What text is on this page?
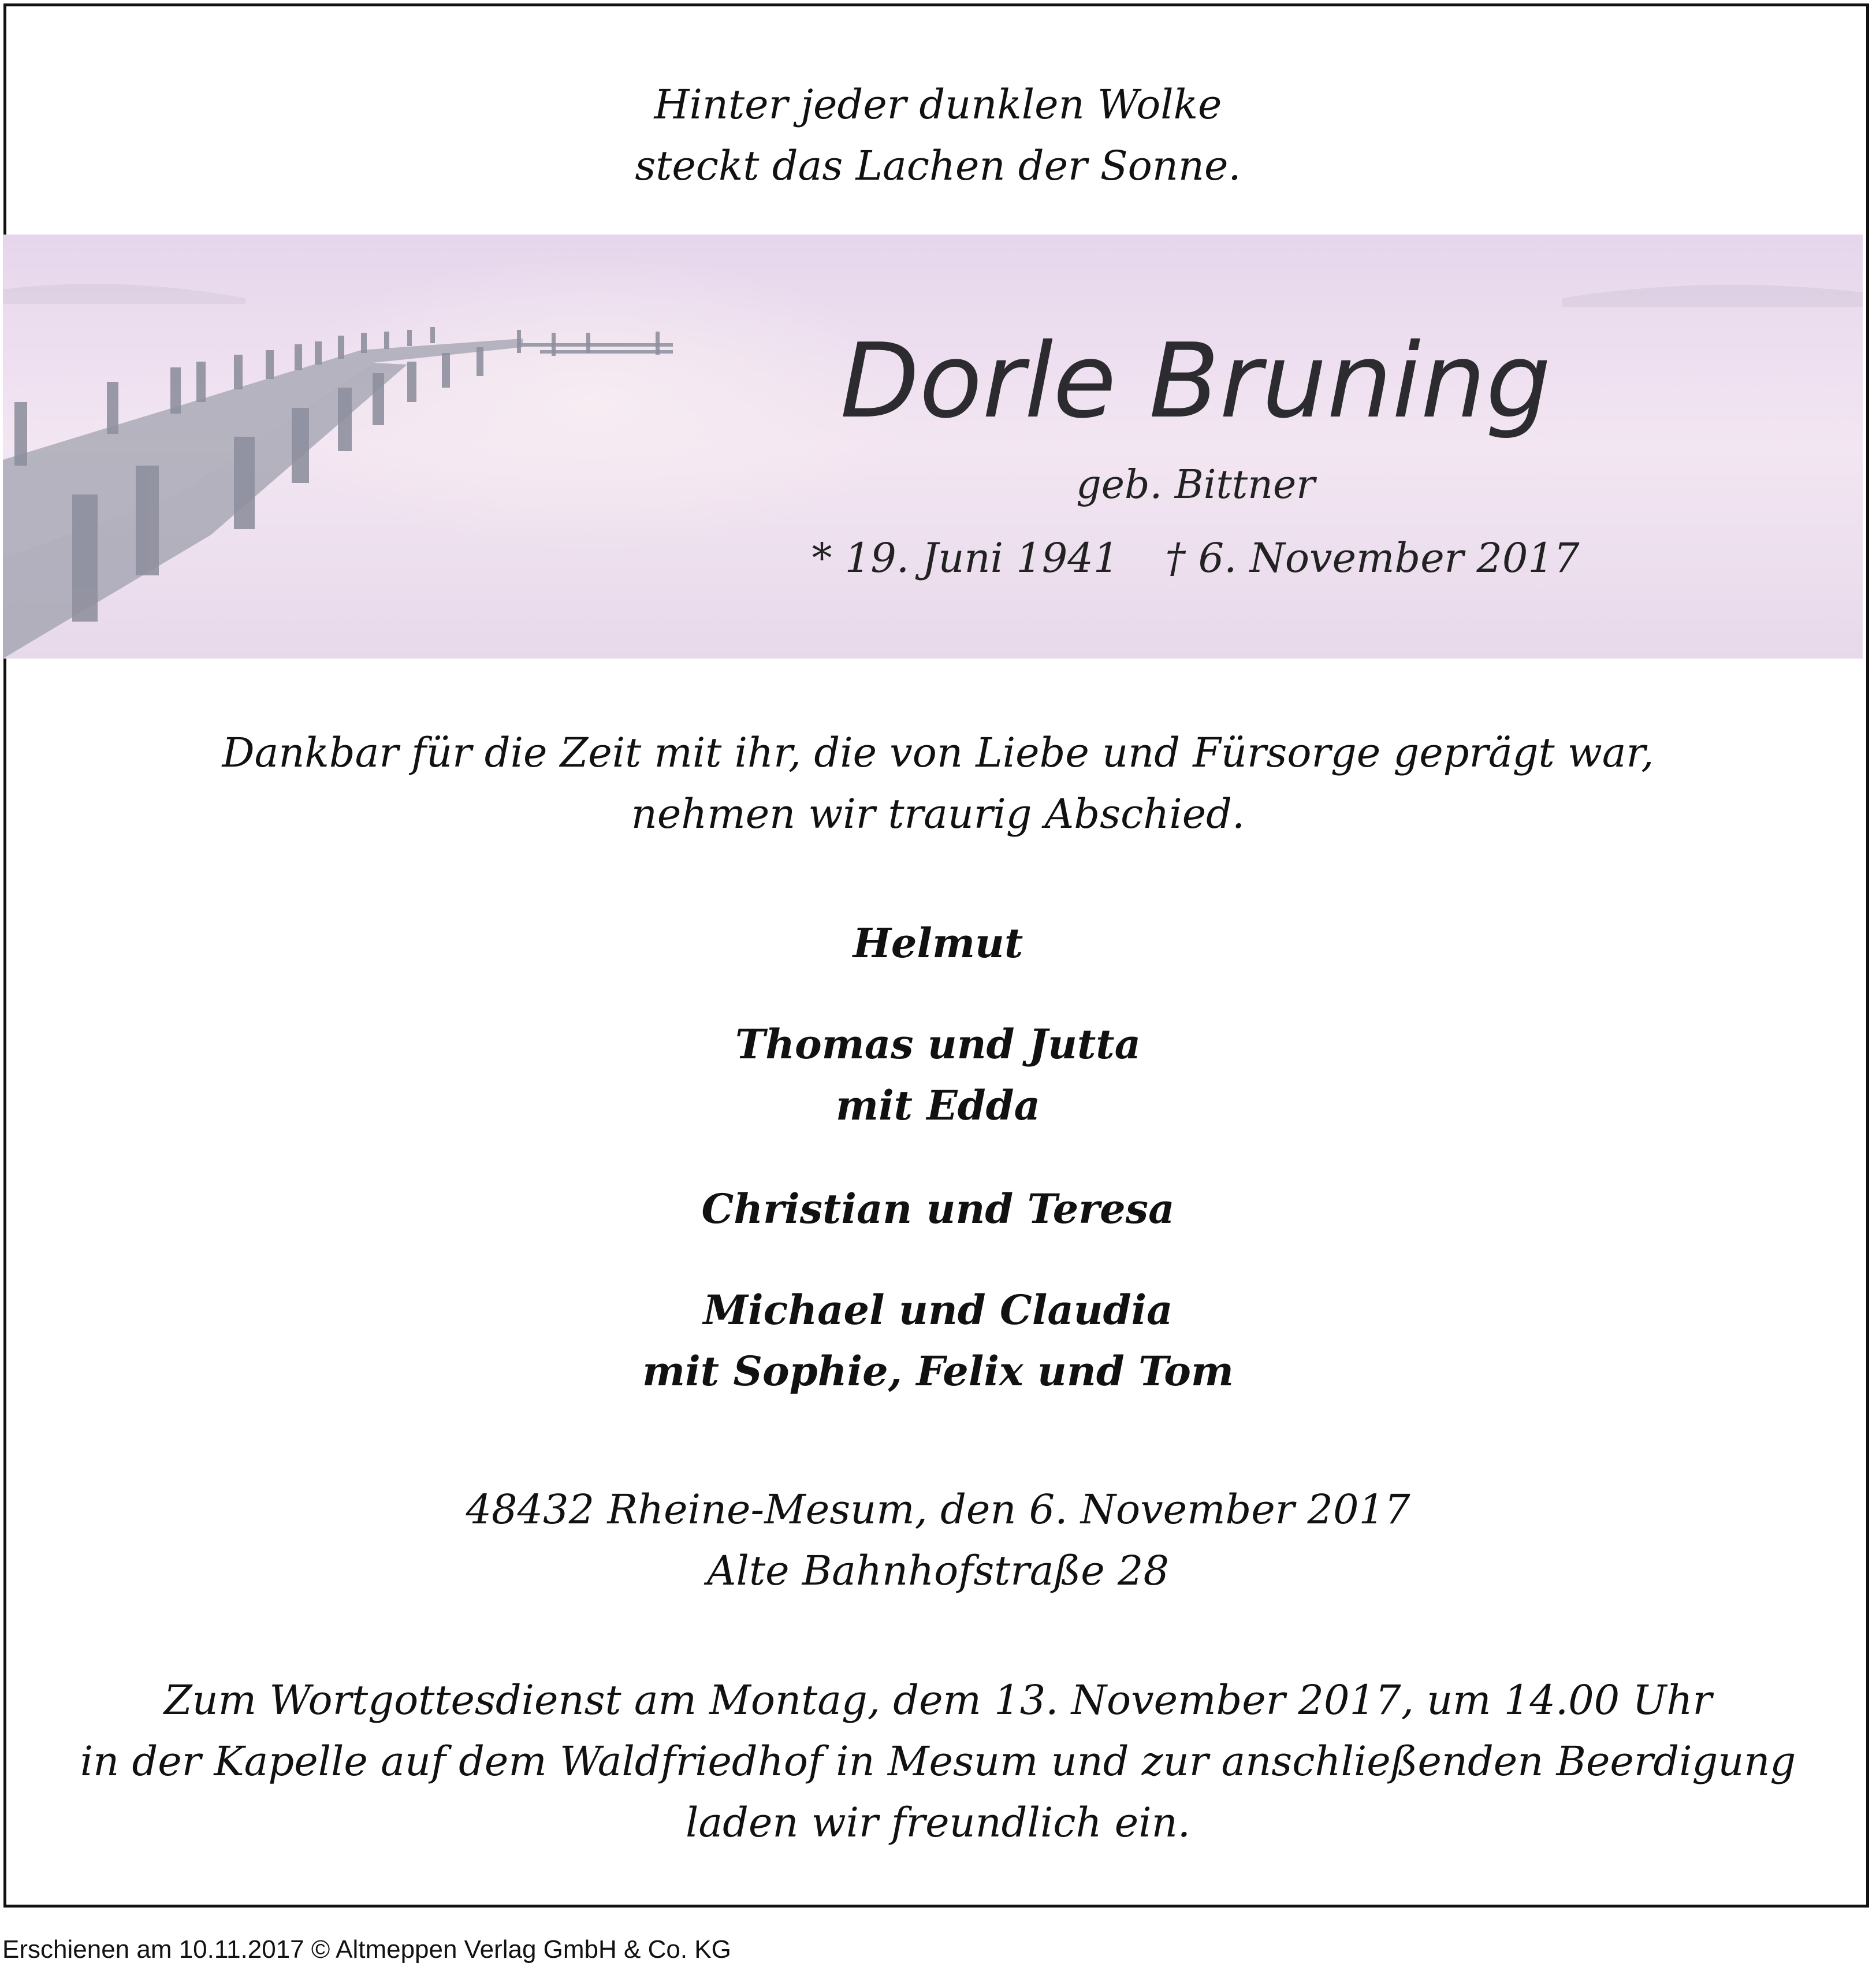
Hinter jeder dunklen Wolke
steckt das Lachen der Sonne.
Dorle Bruning
geb. Bittner
* 19. Juni 1941 † 6. November 2017
Dankbar für die Zeit mit ihr, die von Liebe und Fürsorge geprägt war,
nehmen wir traurig Abschied.
Helmut
Thomas und Jutta
mit Edda
Christian und Teresa
Michael und Claudia
mit Sophie, Felix und Tom
48432 Rheine-Mesum, den 6. November 2017
Alte Bahnhofstraße 28
Zum Wortgottesdienst am Montag, dem 13. November 2017, um 14.00 Uhr
in der Kapelle auf dem Waldfriedhof in Mesum und zur anschließenden Beerdigung
laden wir freundlich ein.
Erschienen am 10.11.2017 © Altmeppen Verlag GmbH & Co. KG
